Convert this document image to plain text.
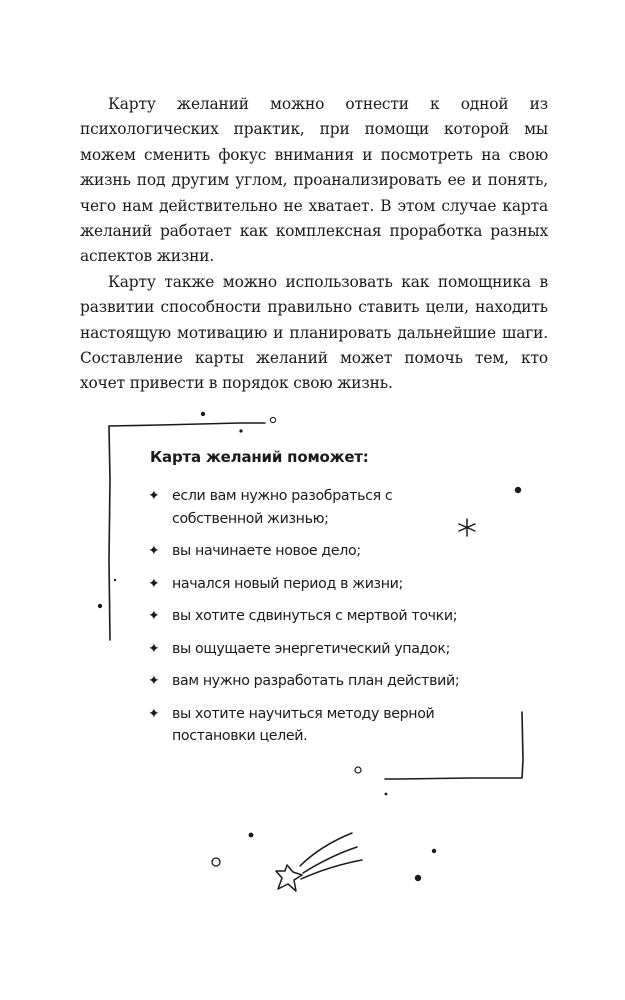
Карту желаний можно отнести к одной из психологических практик, при помощи которой мы можем сменить фокус внимания и посмотреть на свою жизнь под другим углом, проанализировать ее и понять, чего нам действительно не хватает. В этом случае карта желаний работает как комплексная проработка разных аспектов жизни.

Карту также можно использовать как помощника в развитии способности правильно ставить цели, находить настоящую мотивацию и планировать дальнейшие шаги. Составление карты желаний может помочь тем, кто хочет привести в порядок свою жизнь.

Карта желаний поможет:
✦ если вам нужно разобраться с собственной жизнью;
✦ вы начинаете новое дело;
✦ начался новый период в жизни;
✦ вы хотите сдвинуться с мертвой точки;
✦ вы ощущаете энергетический упадок;
✦ вам нужно разработать план действий;
✦ вы хотите научиться методу верной постановки целей.
